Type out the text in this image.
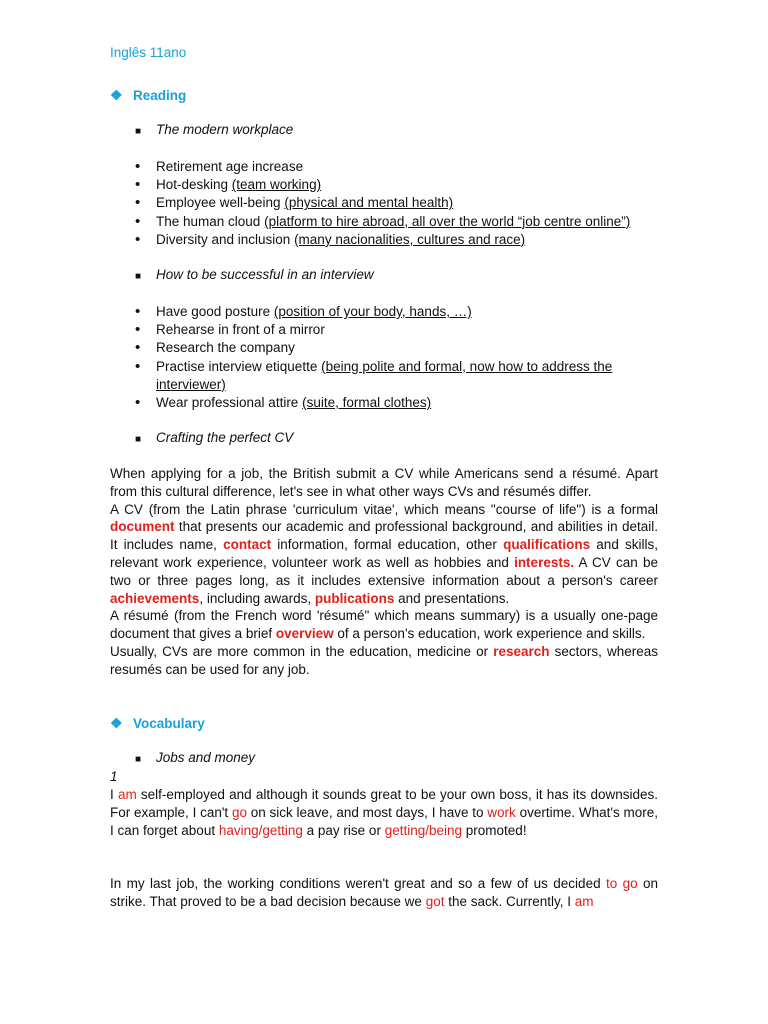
Inglês 11ano
❖ Reading
■ The modern workplace
• Retirement age increase
• Hot-desking (team working)
• Employee well-being (physical and mental health)
• The human cloud (platform to hire abroad, all over the world “job centre online”)
• Diversity and inclusion (many nacionalities, cultures and race)
■ How to be successful in an interview
• Have good posture (position of your body, hands, …)
• Rehearse in front of a mirror
• Research the company
• Practise interview etiquette (being polite and formal, now how to address the interviewer)
• Wear professional attire (suite, formal clothes)
■ Crafting the perfect CV

When applying for a job, the British submit a CV while Americans send a résumé. Apart from this cultural difference, let's see in what other ways CVs and résumés differ.

A CV (from the Latin phrase 'curriculum vitae', which means "course of life") is a formal document that presents our academic and professional background, and abilities in detail. It includes name, contact information, formal education, other qualifications and skills, relevant work experience, volunteer work as well as hobbies and interests. A CV can be two or three pages long, as it includes extensive information about a person's career achievements, including awards, publications and presentations.

A résumé (from the French word 'résumé" which means summary) is a usually one-page document that gives a brief overview of a person's education, work experience and skills.

Usually, CVs are more common in the education, medicine or research sectors, whereas resumés can be used for any job.

❖ Vocabulary
■ Jobs and money
1

I am self-employed and although it sounds great to be your own boss, it has its downsides. For example, I can't go on sick leave, and most days, I have to work overtime. What's more, I can forget about having/getting a pay rise or getting/being promoted!

In my last job, the working conditions weren't great and so a few of us decided to go on strike. That proved to be a bad decision because we got the sack. Currently, I am
